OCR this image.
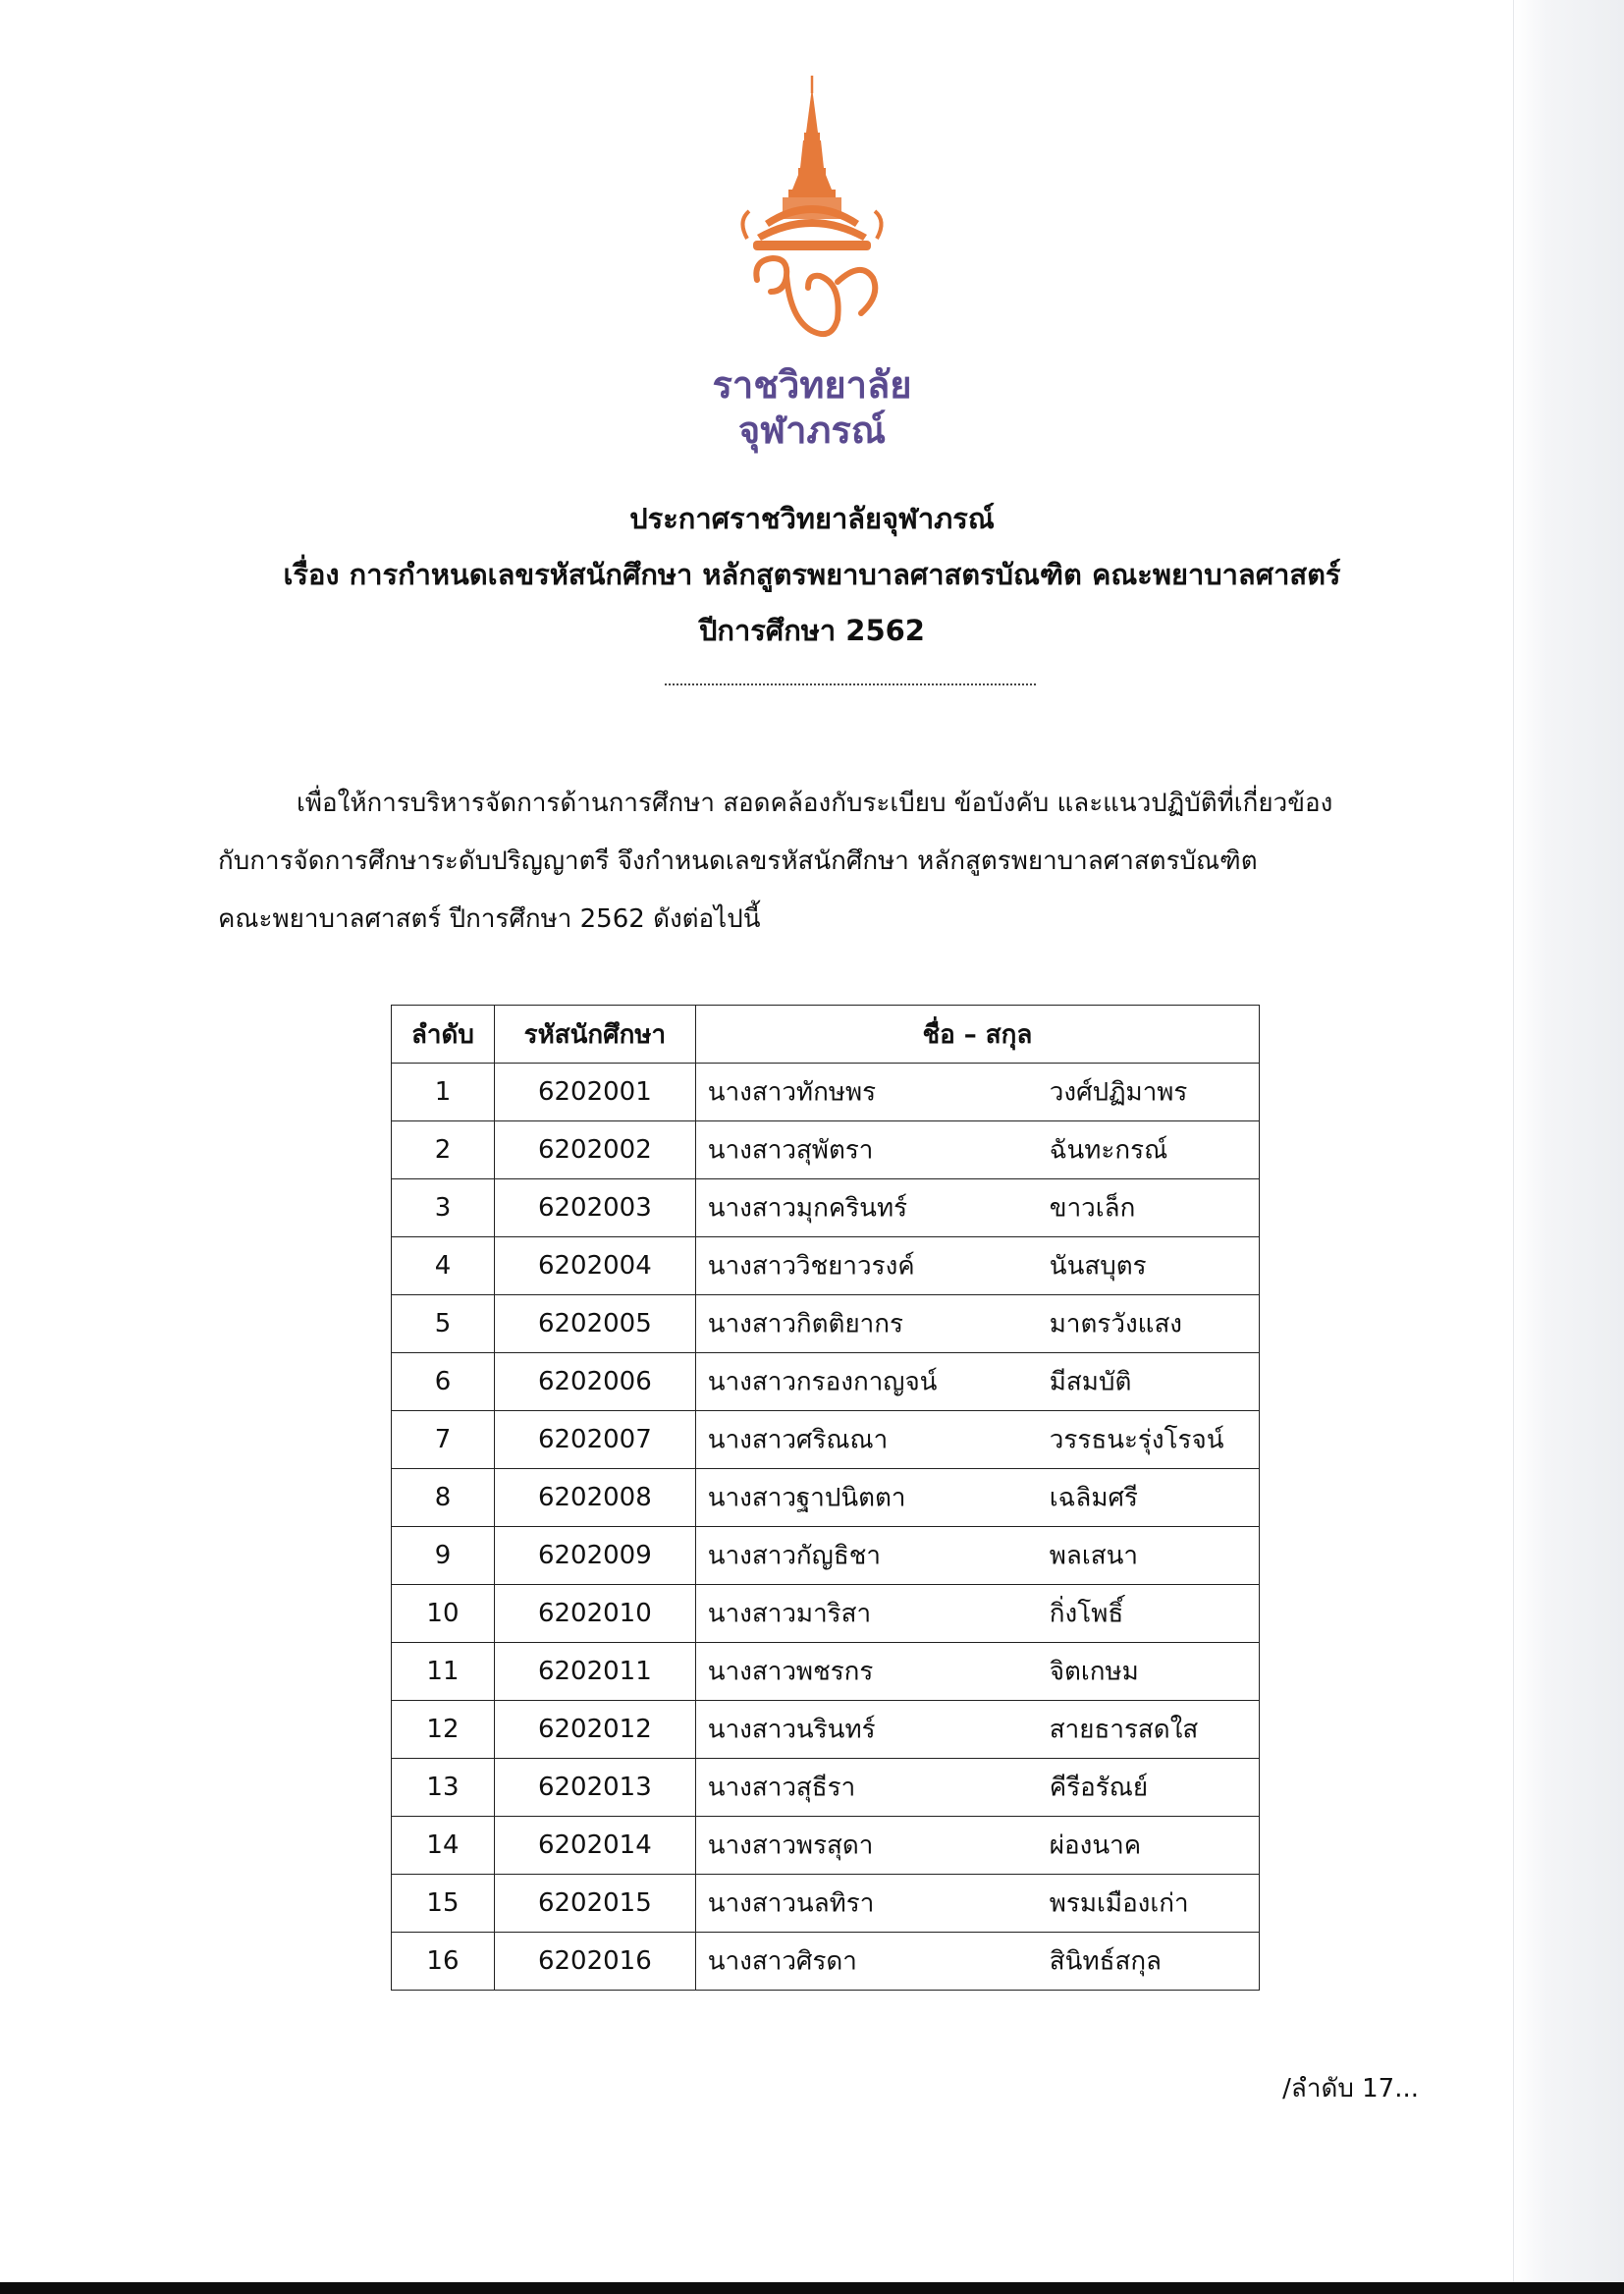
ราชวิทยาลัย
จุฬาภรณ์
ประกาศราชวิทยาลัยจุฬาภรณ์
เรื่อง การกำหนดเลขรหัสนักศึกษา หลักสูตรพยาบาลศาสตรบัณฑิต คณะพยาบาลศาสตร์
ปีการศึกษา 2562
เพื่อให้การบริหารจัดการด้านการศึกษา สอดคล้องกับระเบียบ ข้อบังคับ และแนวปฏิบัติที่เกี่ยวข้อง
กับการจัดการศึกษาระดับปริญญาตรี จึงกำหนดเลขรหัสนักศึกษา หลักสูตรพยาบาลศาสตรบัณฑิต
คณะพยาบาลศาสตร์ ปีการศึกษา 2562 ดังต่อไปนี้
ลำดับ	รหัสนักศึกษา	ชื่อ – สกุล
1	6202001	นางสาวทักษพร วงศ์ปฏิมาพร

2	6202002	นางสาวสุพัตรา ฉันทะกรณ์

3	6202003	นางสาวมุกครินทร์ ขาวเล็ก

4	6202004	นางสาววิชยาวรงค์ นันสบุตร

5	6202005	นางสาวกิตติยากร มาตรวังแสง

6	6202006	นางสาวกรองกาญจน์ มีสมบัติ

7	6202007	นางสาวศริณณา วรรธนะรุ่งโรจน์

8	6202008	นางสาวฐาปนิตตา เฉลิมศรี

9	6202009	นางสาวกัญธิชา พลเสนา

10	6202010	นางสาวมาริสา กิ่งโพธิ์

11	6202011	นางสาวพชรกร จิตเกษม

12	6202012	นางสาวนรินทร์ สายธารสดใส

13	6202013	นางสาวสุธีรา คีรีอรัณย์

14	6202014	นางสาวพรสุดา ผ่องนาค

15	6202015	นางสาวนลทิรา พรมเมืองเก่า

16	6202016	นางสาวศิรดา สินิทธ์สกุล
/ลำดับ 17...
